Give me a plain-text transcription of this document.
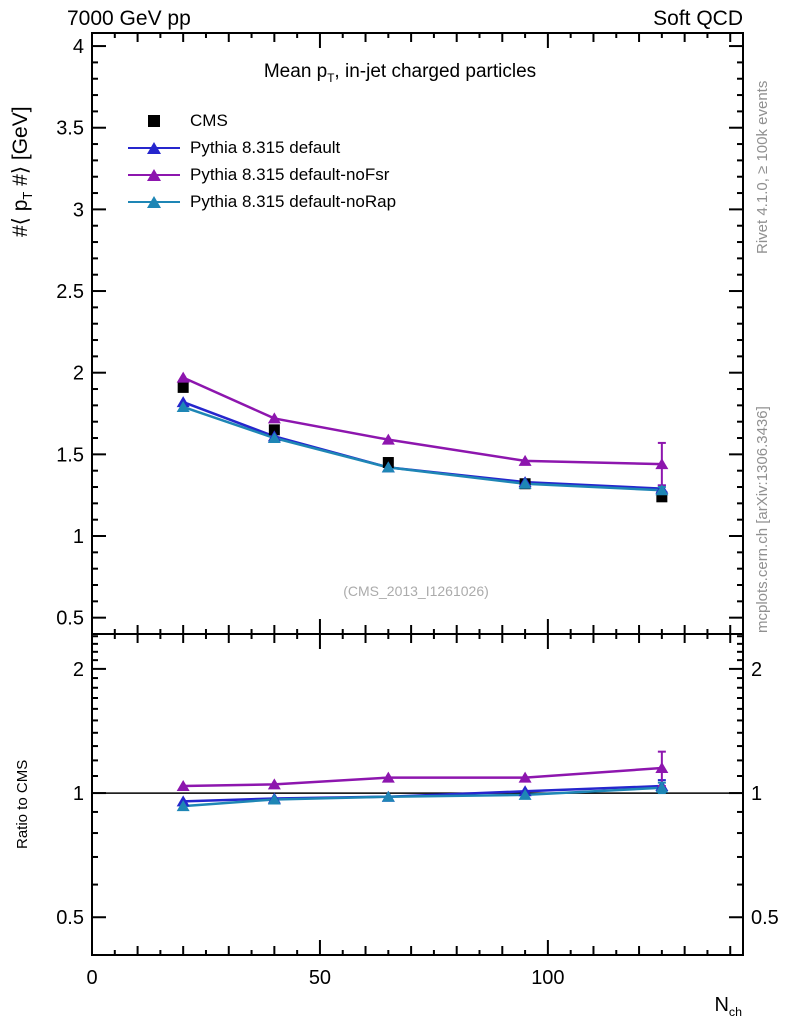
0.5
1
1.5
2
2.5
3
3.5
4
0.5	0.5
1	1
2	2
0	50	100
7000 GeV pp	Soft QCD
Mean $p_T$, in-jet charged particles
#⟨ $p_T$ #⟩ [GeV]	CMS
Pythia 8.315 default
Pythia 8.315 default-noFsr
Pythia 8.315 default-noRap
(CMS_2013_I1261026)
Rivet 4.1.0, ≥ 100k events
mcplots.cern.ch [arXiv:1306.3436]
Ratio to CMS
$N_{ch}$
